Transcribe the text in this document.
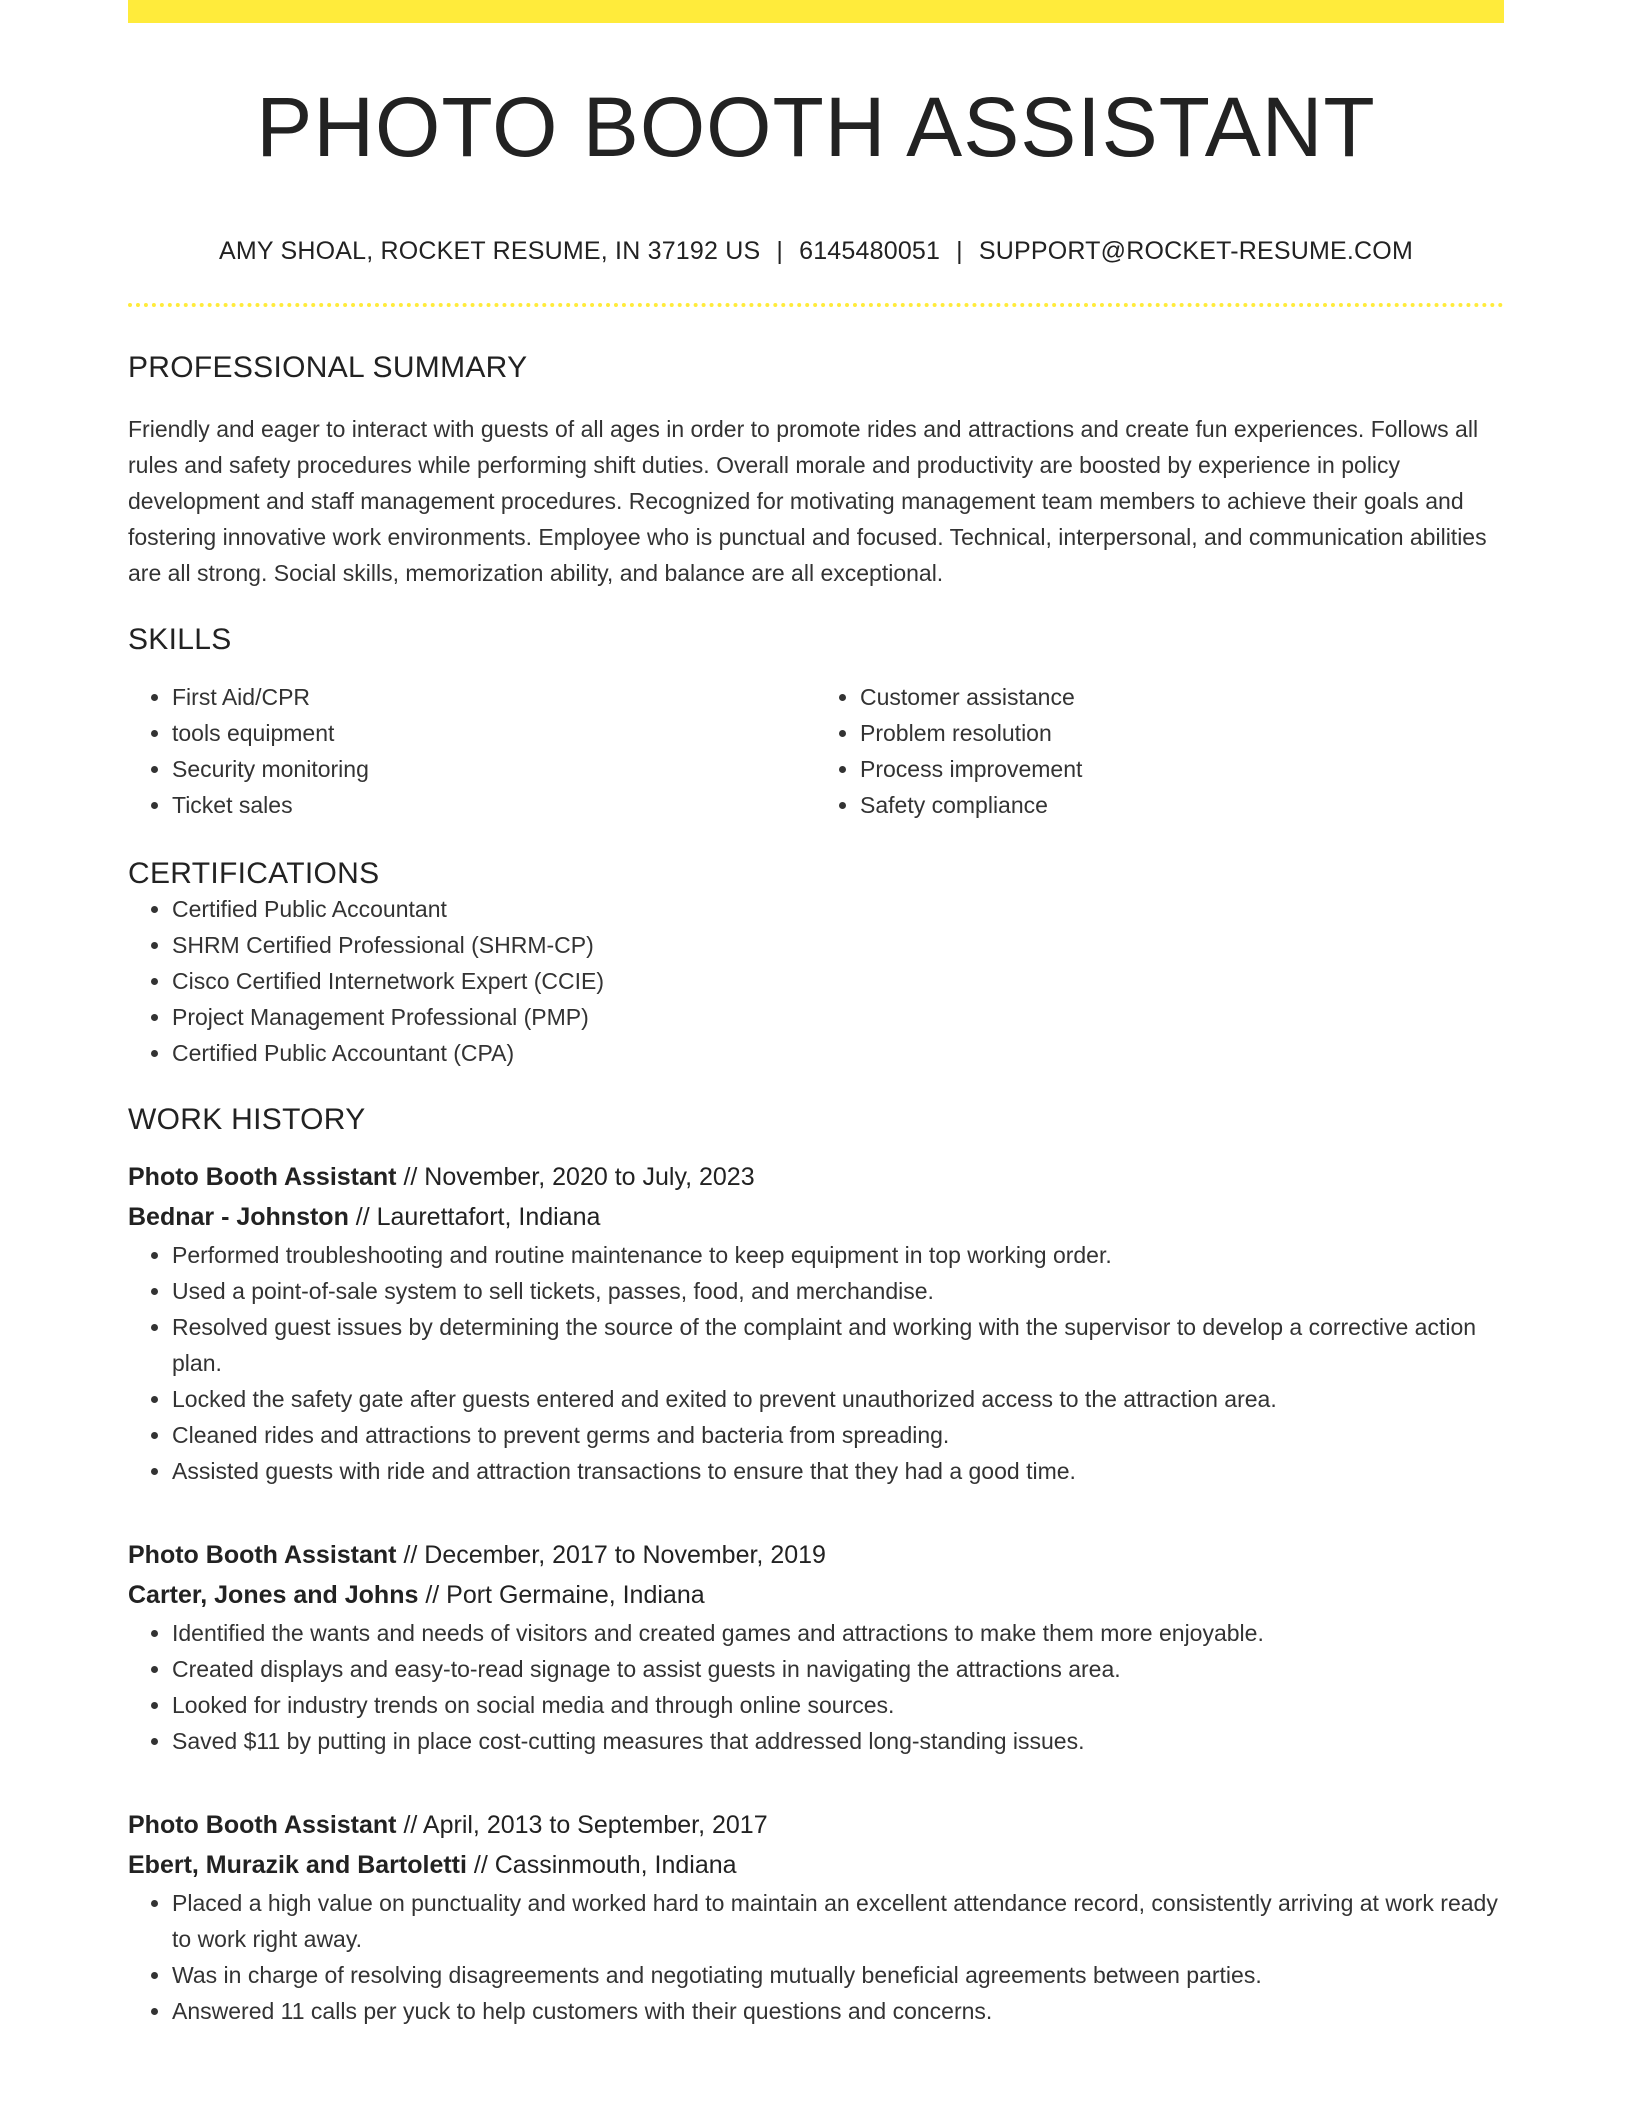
PHOTO BOOTH ASSISTANT
AMY SHOAL, ROCKET RESUME, IN 37192 US | 6145480051 | SUPPORT@ROCKET-RESUME.COM
PROFESSIONAL SUMMARY

Friendly and eager to interact with guests of all ages in order to promote rides and attractions and create fun experiences. Follows all rules and safety procedures while performing shift duties. Overall morale and productivity are boosted by experience in policy development and staff management procedures. Recognized for motivating management team members to achieve their goals and fostering innovative work environments. Employee who is punctual and focused. Technical, interpersonal, and communication abilities are all strong. Social skills, memorization ability, and balance are all exceptional.

SKILLS
• First Aid/CPR
• tools equipment
• Security monitoring
• Ticket sales
• Customer assistance
• Problem resolution
• Process improvement
• Safety compliance
CERTIFICATIONS
• Certified Public Accountant
• SHRM Certified Professional (SHRM-CP)
• Cisco Certified Internetwork Expert (CCIE)
• Project Management Professional (PMP)
• Certified Public Accountant (CPA)
WORK HISTORY
Photo Booth Assistant // November, 2020 to July, 2023
Bednar - Johnston // Laurettafort, Indiana
• Performed troubleshooting and routine maintenance to keep equipment in top working order.
• Used a point-of-sale system to sell tickets, passes, food, and merchandise.
• Resolved guest issues by determining the source of the complaint and working with the supervisor to develop a corrective action plan.
• Locked the safety gate after guests entered and exited to prevent unauthorized access to the attraction area.
• Cleaned rides and attractions to prevent germs and bacteria from spreading.
• Assisted guests with ride and attraction transactions to ensure that they had a good time.
Photo Booth Assistant // December, 2017 to November, 2019
Carter, Jones and Johns // Port Germaine, Indiana
• Identified the wants and needs of visitors and created games and attractions to make them more enjoyable.
• Created displays and easy-to-read signage to assist guests in navigating the attractions area.
• Looked for industry trends on social media and through online sources.
• Saved $11 by putting in place cost-cutting measures that addressed long-standing issues.
Photo Booth Assistant // April, 2013 to September, 2017
Ebert, Murazik and Bartoletti // Cassinmouth, Indiana
• Placed a high value on punctuality and worked hard to maintain an excellent attendance record, consistently arriving at work ready to work right away.
• Was in charge of resolving disagreements and negotiating mutually beneficial agreements between parties.
• Answered 11 calls per yuck to help customers with their questions and concerns.
